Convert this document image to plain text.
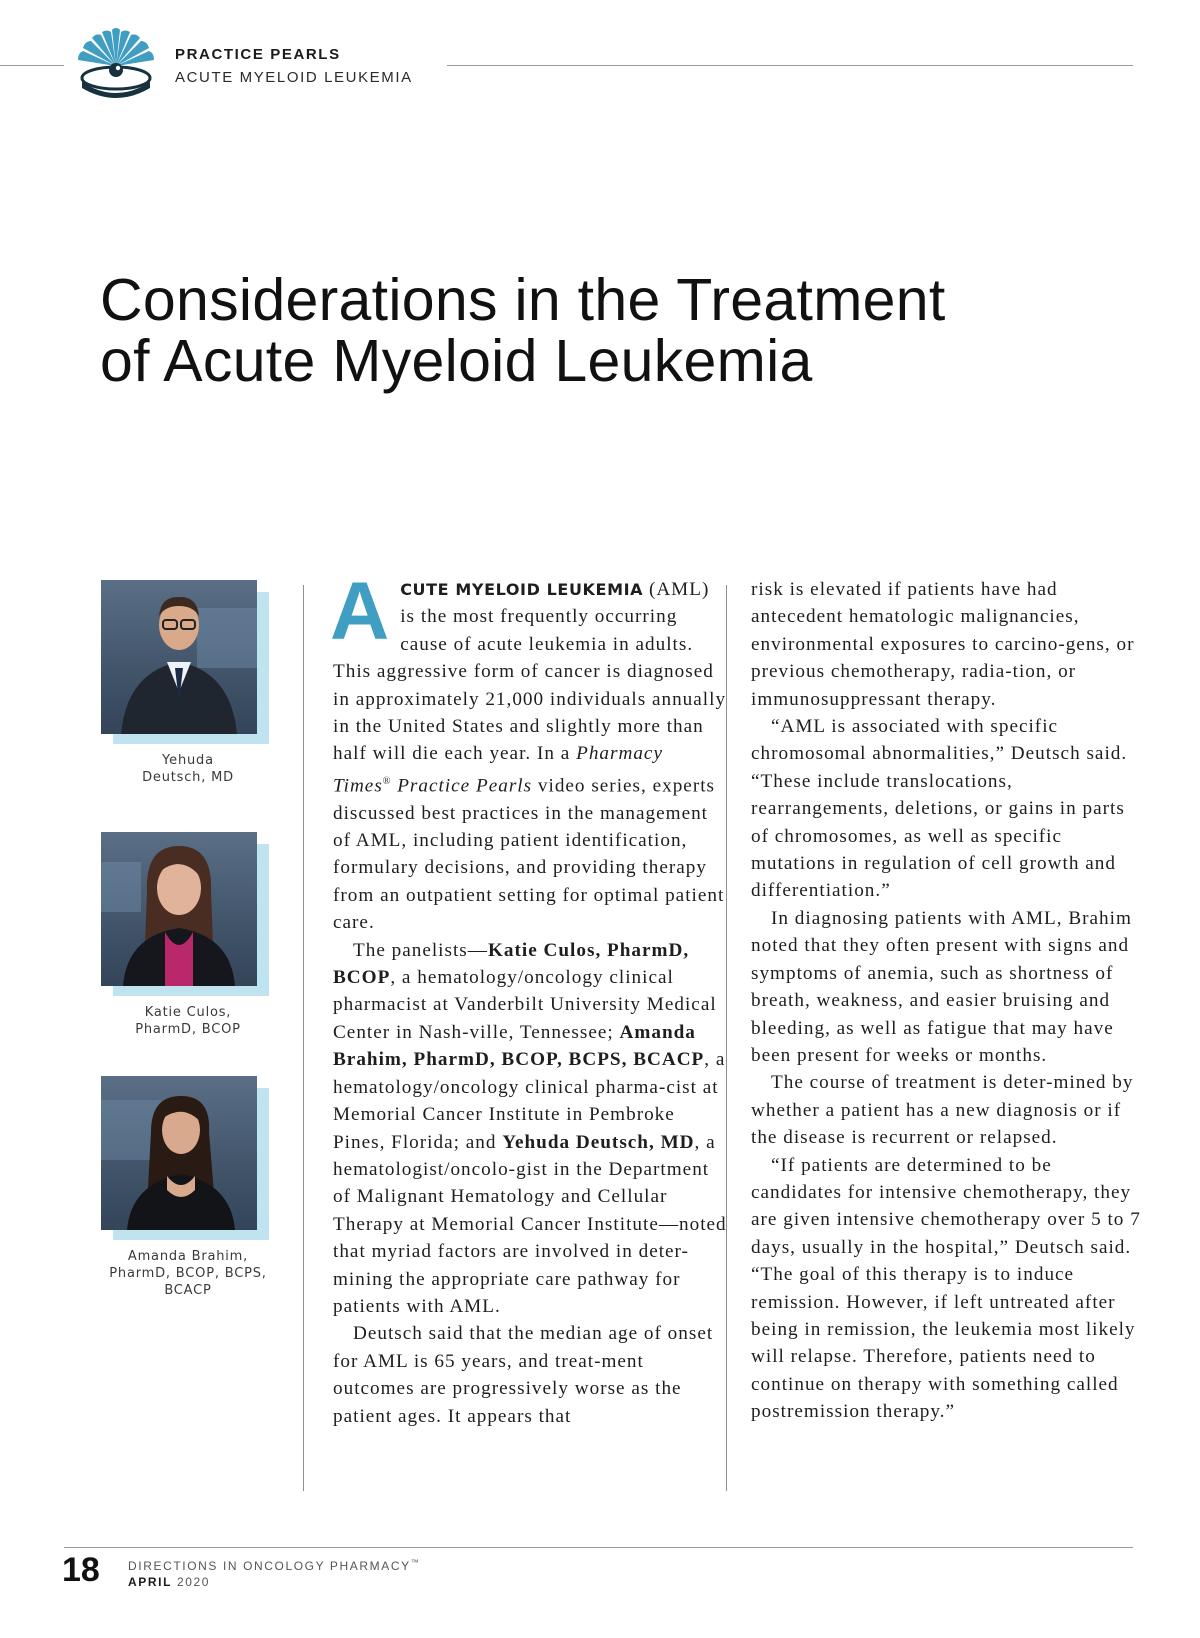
PRACTICE PEARLS

ACUTE MYELOID LEUKEMIA

Considerations in the Treatment
of Acute Myeloid Leukemia

Yehuda
Deutsch, MD

Katie Culos,
PharmD, BCOP

Amanda Brahim,
PharmD, BCOP, BCPS,
BCACP

ACUTE MYELOID LEUKEMIA (AML) is the most frequently occurring cause of acute leukemia in adults. This aggressive form of cancer is diagnosed in approximately 21,000 individuals annually in the United States and slightly more than half will die each year. In a Pharmacy Times® Practice Pearls video series, experts discussed best practices in the management of AML, including patient identification, formulary decisions, and providing therapy from an outpatient setting for optimal patient care.

The panelists—Katie Culos, PharmD, BCOP, a hematology/oncology clinical pharmacist at Vanderbilt University Medical Center in Nash-ville, Tennessee; Amanda Brahim, PharmD, BCOP, BCPS, BCACP, a hematology/oncology clinical pharma-cist at Memorial Cancer Institute in Pembroke Pines, Florida; and Yehuda Deutsch, MD, a hematologist/oncolo-gist in the Department of Malignant Hematology and Cellular Therapy at Memorial Cancer Institute—noted that myriad factors are involved in deter-mining the appropriate care pathway for patients with AML.

Deutsch said that the median age of onset for AML is 65 years, and treat-ment outcomes are progressively worse as the patient ages. It appears that

risk is elevated if patients have had antecedent hematologic malignancies, environmental exposures to carcino-gens, or previous chemotherapy, radia-tion, or immunosuppressant therapy.

“AML is associated with specific chromosomal abnormalities,” Deutsch said. “These include translocations, rearrangements, deletions, or gains in parts of chromosomes, as well as specific mutations in regulation of cell growth and differentiation.”

In diagnosing patients with AML, Brahim noted that they often present with signs and symptoms of anemia, such as shortness of breath, weakness, and easier bruising and bleeding, as well as fatigue that may have been present for weeks or months.

The course of treatment is deter-mined by whether a patient has a new diagnosis or if the disease is recurrent or relapsed.

“If patients are determined to be candidates for intensive chemotherapy, they are given intensive chemotherapy over 5 to 7 days, usually in the hospital,” Deutsch said. “The goal of this therapy is to induce remission. However, if left untreated after being in remission, the leukemia most likely will relapse. Therefore, patients need to continue on therapy with something called postremission therapy.”

18 DIRECTIONS IN ONCOLOGY PHARMACY™

APRIL 2020
